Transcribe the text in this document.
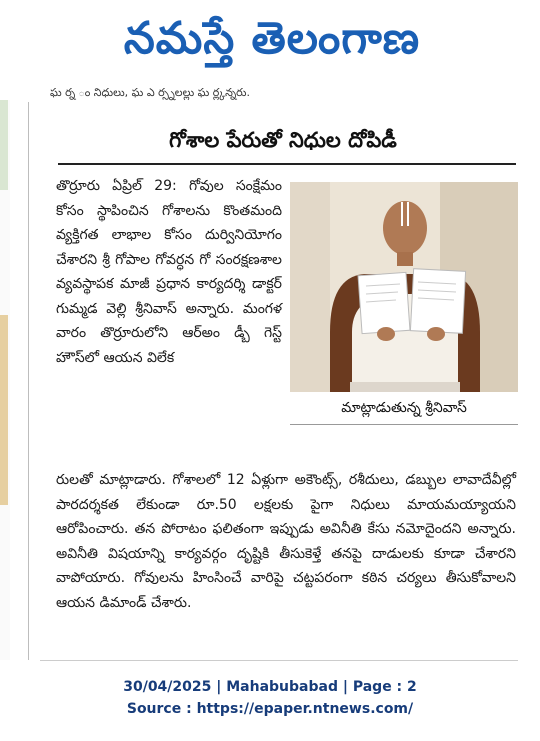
నమస్తే తెలంగాణ
ఘ ర్న ం నిధులు, ఘ ఎ ర్స్నలల్లు ఘ ర్ల్కన్నరు.
గోశాల పేరుతో నిధుల దోపిడీ

తొర్రూరు ఏప్రిల్ 29: గోవుల సంక్షేమం కోసం స్థాపించిన గోశాలను కొంతమంది వ్యక్తిగత లాభాల కోసం దుర్వినియోగం చేశారని శ్రీ గోపాల గోవర్ధన గో సంరక్షణశాల వ్యవస్థాపక మాజీ ప్రధాన కార్యదర్శి డాక్టర్ గుమ్మడ వెల్లి శ్రీనివాస్ అన్నారు. మంగళ వారం తొర్రూరులోని ఆర్అం డ్బీ గెస్ట్ హౌస్‌లో ఆయన విలేక

మాట్లాడుతున్న శ్రీనివాస్

రులతో మాట్లాడారు. గోశాలలో 12 ఏళ్లుగా అకౌంట్స్, రశీదులు, డబ్బుల లావాదేవీల్లో పారదర్శకత లేకుండా రూ.50 లక్షలకు పైగా నిధులు మాయమయ్యాయని ఆరోపించారు. తన పోరాటం ఫలితంగా ఇప్పుడు అవినీతి కేసు నమోదైందని అన్నారు. అవినీతి విషయాన్ని కార్యవర్గం దృష్టికి తీసుకెళ్తే తనపై దాడులకు కూడా చేశారని వాపోయారు. గోవులను హింసించే వారిపై చట్టపరంగా కఠిన చర్యలు తీసుకోవాలని ఆయన డిమాండ్ చేశారు.

30/04/2025 | Mahabubabad | Page : 2
Source : https://epaper.ntnews.com/
